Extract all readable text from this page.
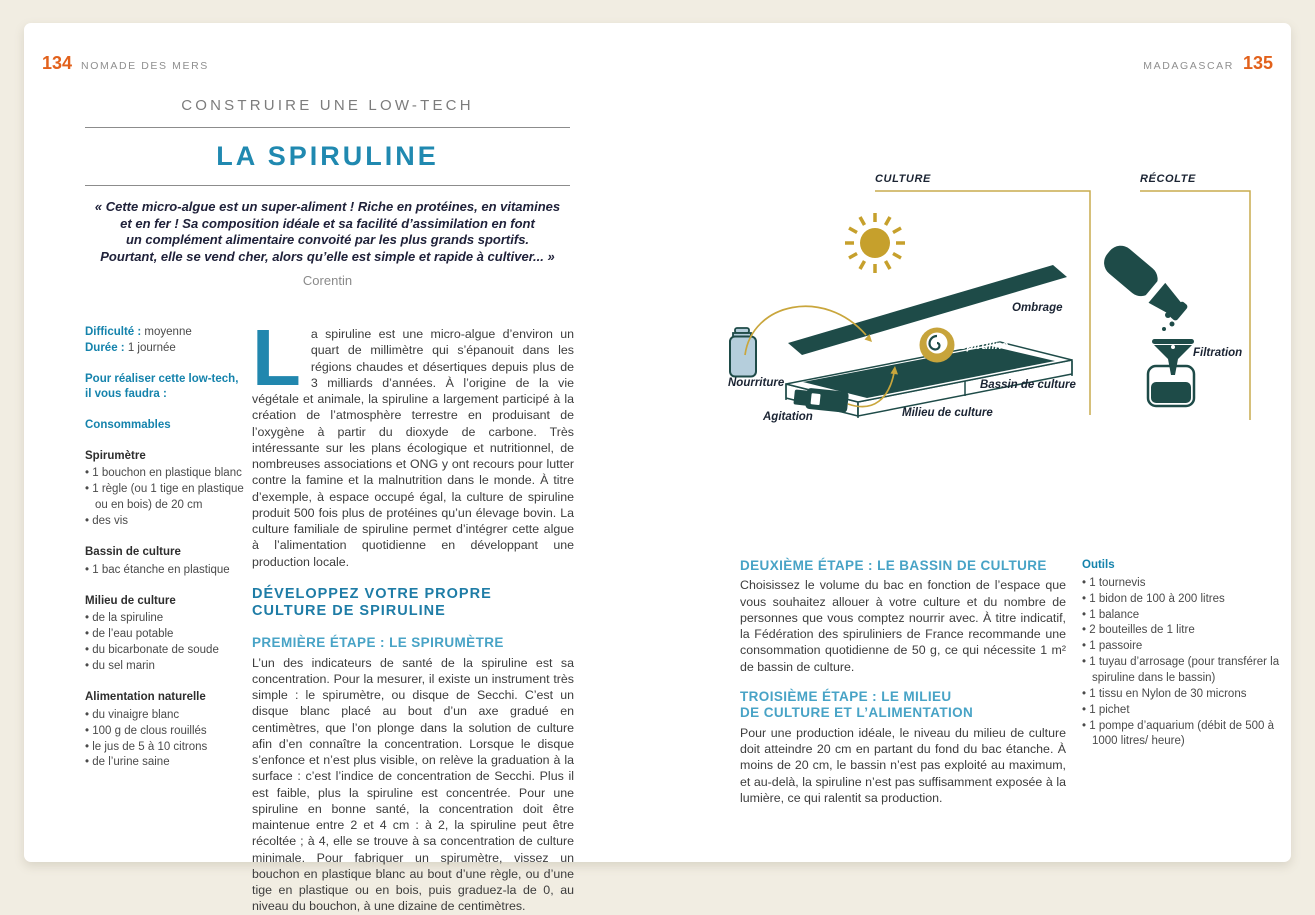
134 NOMADE DES MERS	MADAGASCAR 135
CONSTRUIRE UNE LOW-TECH
LA SPIRULINE
« Cette micro-algue est un super-aliment ! Riche en protéines, en vitamines
et en fer ! Sa composition idéale et sa facilité d’assimilation en font
un complément alimentaire convoité par les plus grands sportifs.
Pourtant, elle se vend cher, alors qu’elle est simple et rapide à cultiver... »
Corentin
Difficulté : moyenne
Durée : 1 journée
Pour réaliser cette low-tech,
il vous faudra :
Consommables
Spirumètre
• 1 bouchon en plastique blanc
• 1 règle (ou 1 tige en plastique ou en bois) de 20 cm
• des vis
Bassin de culture
• 1 bac étanche en plastique
Milieu de culture
• de la spiruline
• de l’eau potable
• du bicarbonate de soude
• du sel marin
Alimentation naturelle
• du vinaigre blanc
• 100 g de clous rouillés
• le jus de 5 à 10 citrons
• de l’urine saine
La spiruline est une micro-algue d’environ un quart de millimètre qui s’épanouit dans les régions chaudes et désertiques depuis plus de 3 milliards d’années. À l’origine de la vie végétale et animale, la spiruline a largement participé à la création de l’atmosphère terrestre en produisant de l’oxygène à partir du dioxyde de carbone. Très intéressante sur les plans écologique et nutritionnel, de nombreuses associations et ONG y ont recours pour lutter contre la famine et la malnutrition dans le monde. À titre d’exemple, à espace occupé égal, la culture de spiruline produit 500 fois plus de protéines qu’un élevage bovin. La culture familiale de spiruline permet d’intégrer cette algue à l’alimentation quotidienne en développant une production locale.
DÉVELOPPEZ VOTRE PROPRE
CULTURE DE SPIRULINE
PREMIÈRE ÉTAPE : LE SPIRUMÈTRE
L’un des indicateurs de santé de la spiruline est sa concentration. Pour la mesurer, il existe un instrument très simple : le spirumètre, ou disque de Secchi. C’est un disque blanc placé au bout d’un axe gradué en centimètres, que l’on plonge dans la solution de culture afin d’en connaître la concentration. Lorsque le disque s’enfonce et n’est plus visible, on relève la graduation à la surface : c’est l’indice de concentration de Secchi. Plus il est faible, plus la spiruline est concentrée. Pour une spiruline en bonne santé, la concentration doit être maintenue entre 2 et 4 cm : à 2, la spiruline peut être récoltée ; à 4, elle se trouve à sa concentration de culture minimale. Pour fabriquer un spirumètre, vissez un bouchon en plastique blanc au bout d’une règle, ou d’une tige en plastique ou en bois, puis graduez-la de 0, au niveau du bouchon, à une dizaine de centimètres.
DEUXIÈME ÉTAPE : LE BASSIN DE CULTURE
Choisissez le volume du bac en fonction de l’espace que vous souhaitez allouer à votre culture et du nombre de personnes que vous comptez nourrir avec. À titre indicatif, la Fédération des spiruliniers de France recommande une consommation quotidienne de 50 g, ce qui nécessite 1 m² de bassin de culture.
TROISIÈME ÉTAPE : LE MILIEU
DE CULTURE ET L’ALIMENTATION
Pour une production idéale, le niveau du milieu de culture doit atteindre 20 cm en partant du fond du bac étanche. À moins de 20 cm, le bassin n’est pas exploité au maximum, et au-delà, la spiruline n’est pas suffisamment exposée à la lumière, ce qui ralentit sa production.
Outils
• 1 tournevis
• 1 bidon de 100 à 200 litres
• 1 balance
• 2 bouteilles de 1 litre
• 1 passoire
• 1 tuyau d’arrosage (pour transférer la spiruline dans le bassin)
• 1 tissu en Nylon de 30 microns
• 1 pichet
• 1 pompe d’aquarium (débit de 500 à 1000 litres/ heure)
CULTURE	RÉCOLTE
Ombrage
Spiruline
Bassin de culture
Milieu de culture
Nourriture
Agitation
Filtration
